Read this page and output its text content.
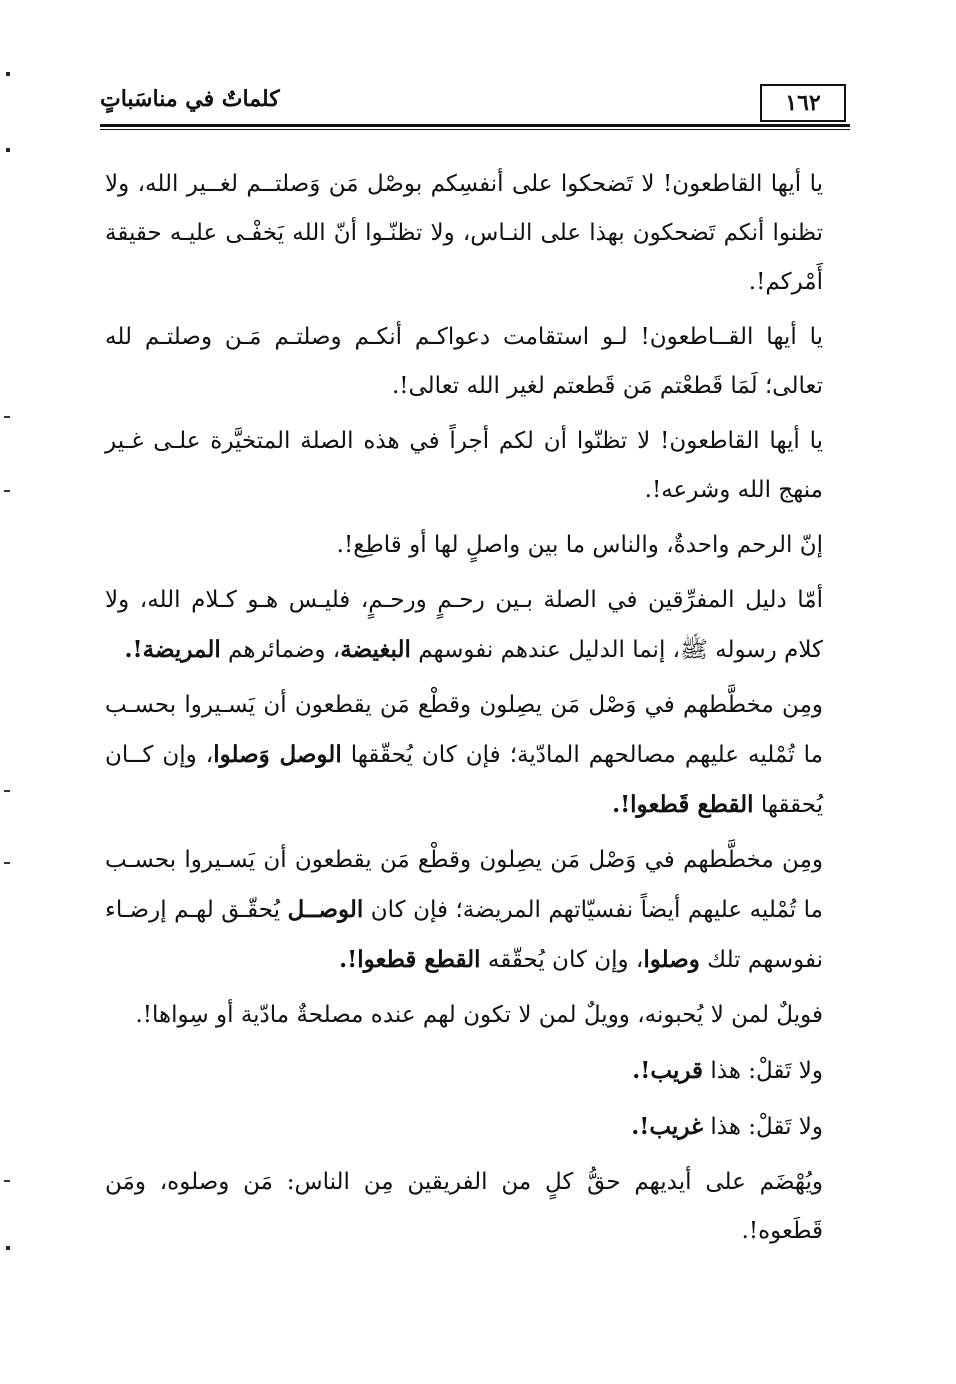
١٦٢
كلماتٌ في مناسَباتٍ

يا أيها القاطعون! لا تَضحكوا على أنفسِكم بوصْل مَن وَصلتــم لغــير الله، ولا تظنوا أنكم تَضحكون بهذا على النـاس، ولا تظنّـوا أنّ الله يَخفْـى عليـه حقيقة أَمْركم!.

يا أيها القــاطعون! لـو استقامت دعواكـم أنكـم وصلتـم مَـن وصلتـم لله تعالى؛ لَمَا قَطعْتم مَن قَطعتم لغير الله تعالى!.

يا أيها القاطعون! لا تظنّوا أن لكم أجراً في هذه الصلة المتخيَّرة علـى غـير منهج الله وشرعه!.

إنّ الرحم واحدةٌ، والناس ما بين واصلٍ لها أو قاطِع!.

أمّا دليل المفرِّقين في الصلة بـين رحـمٍ ورحـمٍ، فليـس هـو كـلام الله، ولا كلام رسوله ﷺ، إنما الدليل عندهم نفوسهم البغيضة، وضمائرهم المريضة!.

ومِن مخطَّطهم في وَصْل مَن يصِلون وقطْع مَن يقطعون أن يَسـيروا بحسـب ما تُمْليه عليهم مصالحهم المادّية؛ فإن كان يُحقّقها الوصل وَصلوا، وإن كــان يُحققها القطع قَطعوا!.

ومِن مخطَّطهم في وَصْل مَن يصِلون وقطْع مَن يقطعون أن يَسـيروا بحسـب ما تُمْليه عليهم أيضاً نفسيّاتهم المريضة؛ فإن كان الوصــل يُحقّـق لهـم إرضـاء نفوسهم تلك وصلوا، وإن كان يُحقّقه القطع قطعوا!.

فويلٌ لمن لا يُحبونه، وويلٌ لمن لا تكون لهم عنده مصلحةٌ مادّية أو سِواها!.

ولا تَقلْ: هذا قريب!.

ولا تَقلْ: هذا غريب!.

ويُهْضَم على أيديهم حقُّ كلٍ من الفريقين مِن الناس: مَن وصلوه، ومَن قَطَعوه!.
